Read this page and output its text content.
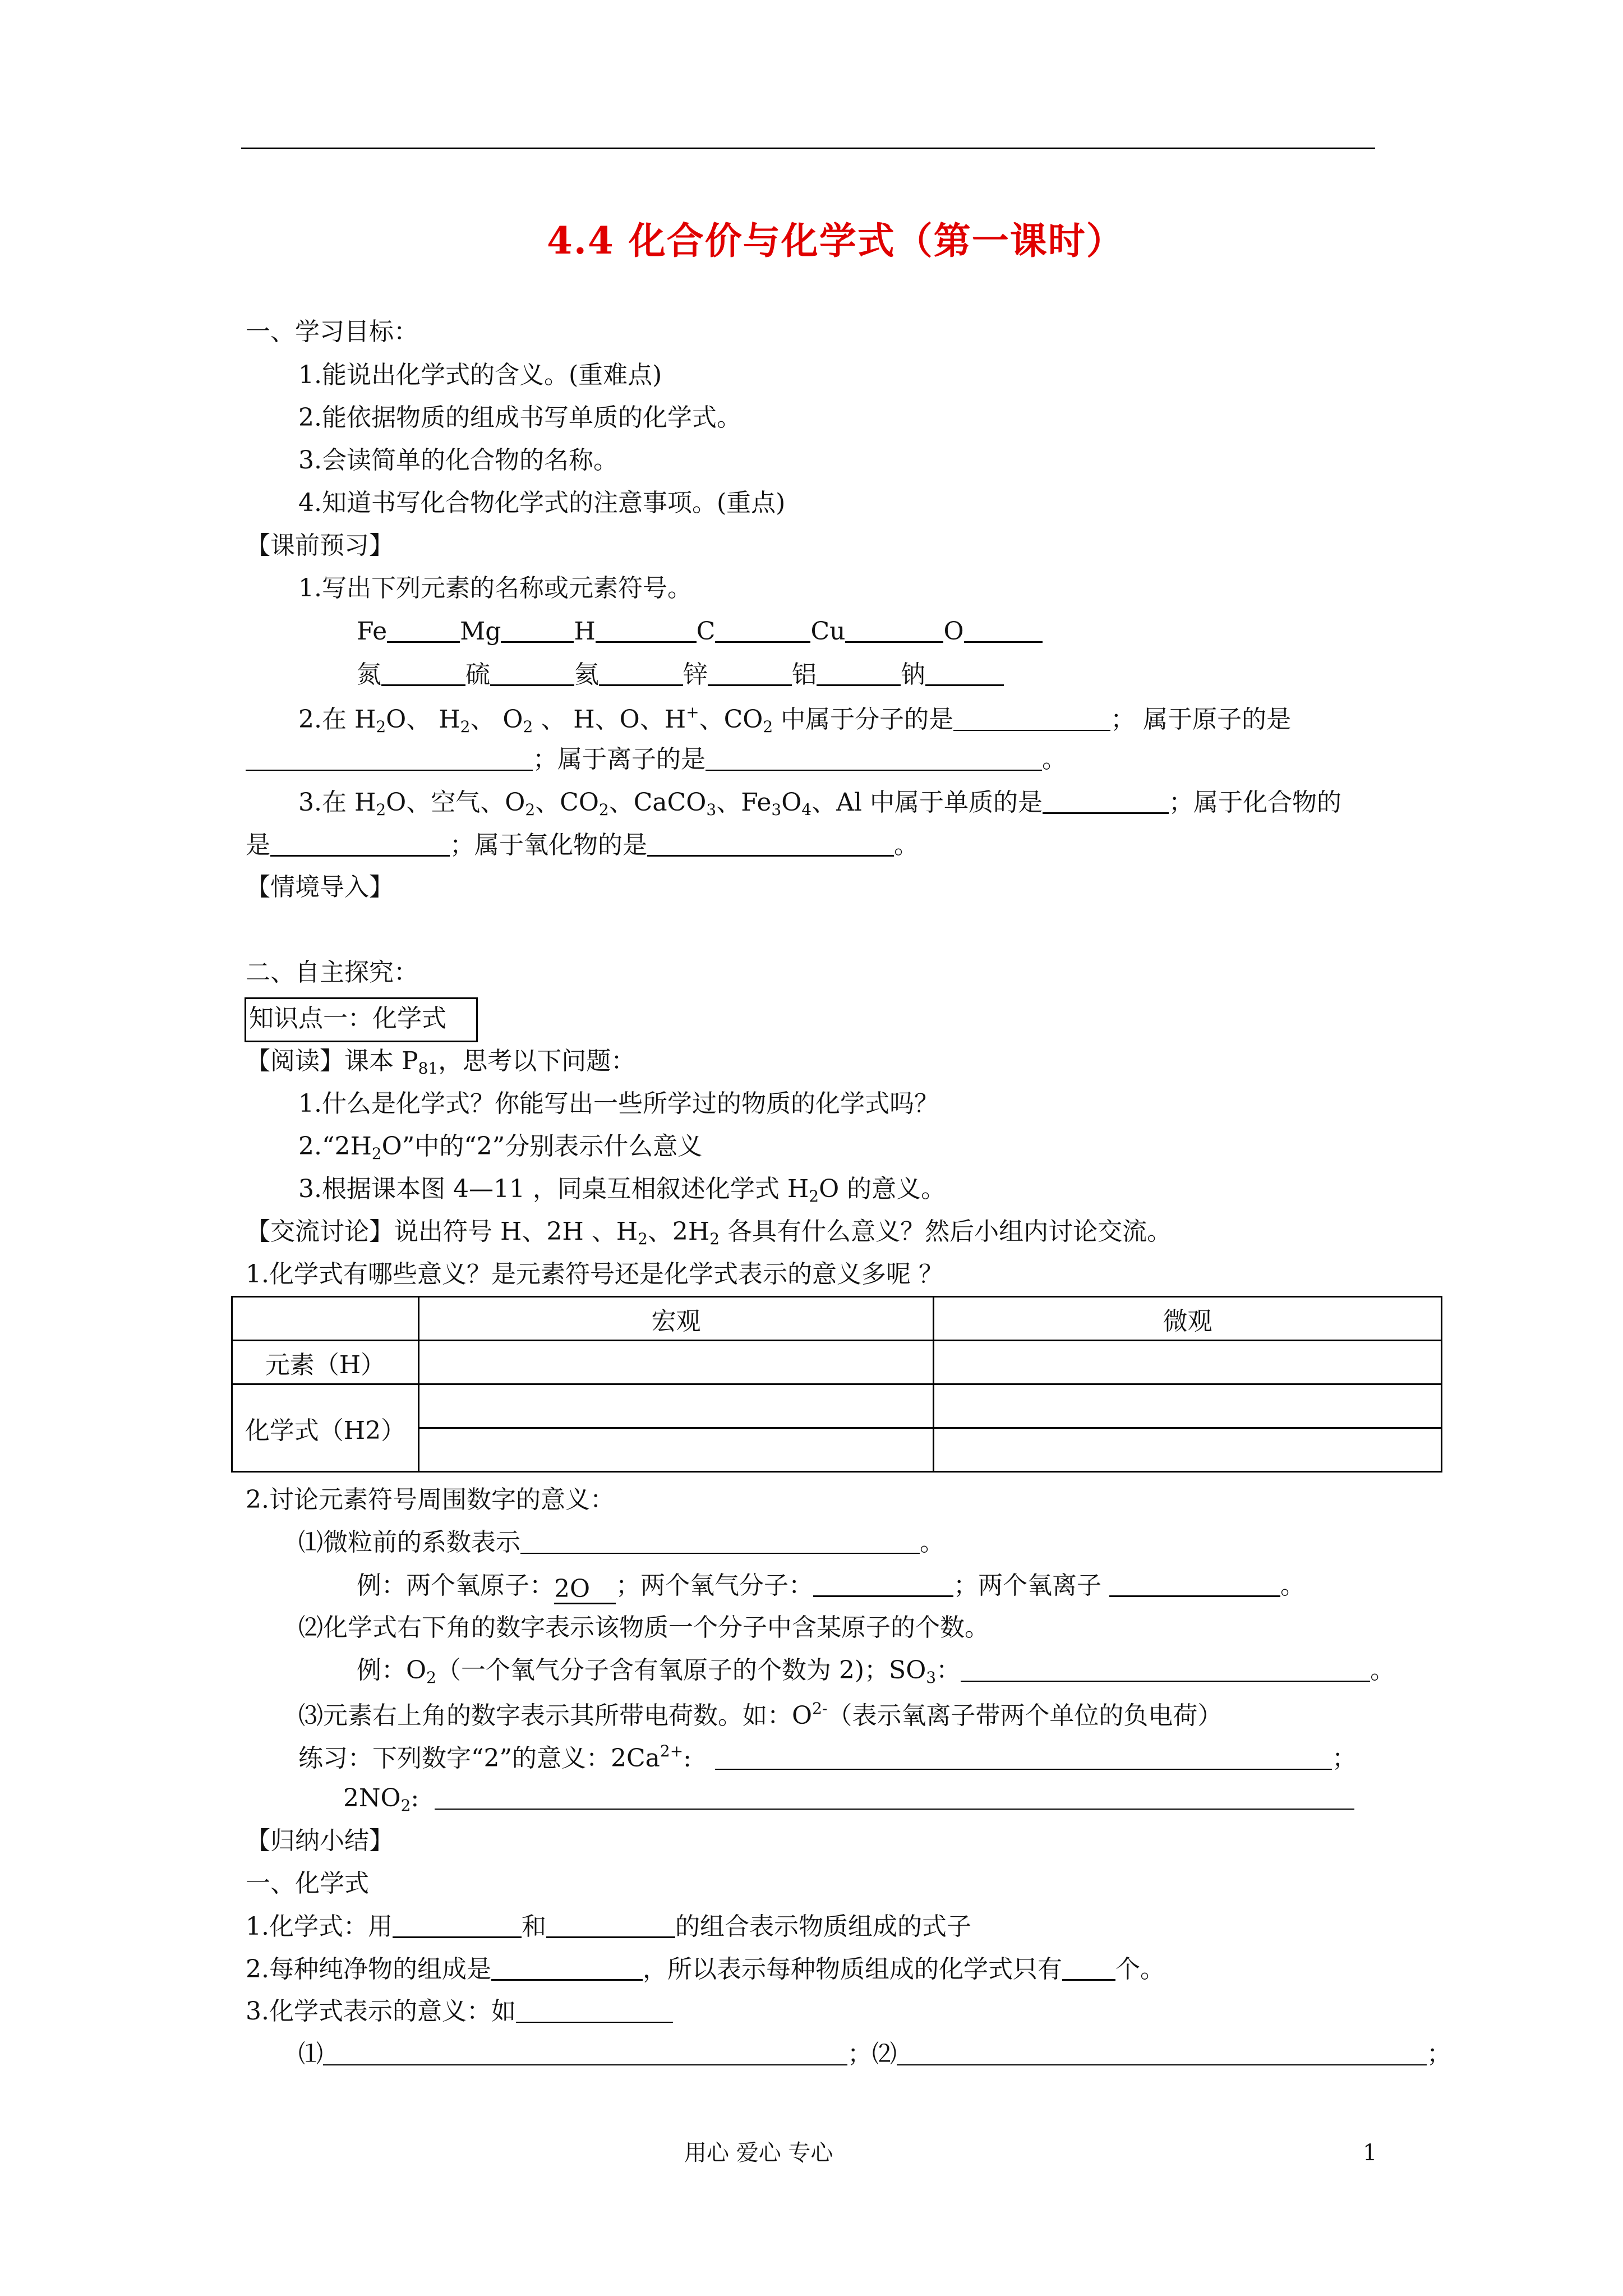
4.4 化合价与化学式（第一课时）
一、学习目标：
1.能说出化学式的含义。(重难点)
2.能依据物质的组成书写单质的化学式。
3.会读简单的化合物的名称。
4.知道书写化合物化学式的注意事项。(重点)
【课前预习】
1.写出下列元素的名称或元素符号。
Fe	Mg	H	C	Cu	O
氮	硫	氦	锌	铝	钠
2.在 $H_2O$、 $H_2$、 $O_2$ 、 H、O、H+、$CO_2$ 中属于分子的是	； 属于原子的是
；属于离子的是	。
3.在 $H_2O$、空气、$O_2$、$CO_2$、CaCO$_3$、$Fe_3O_4$、Al 中属于单质的是	；属于化合物的
是	；属于氧化物的是	。
【情境导入】
二、自主探究：
知识点一：化学式
【阅读】课本 $P_{81}$，思考以下问题：
1.什么是化学式？你能写出一些所学过的物质的化学式吗？
$2.“2H_2O$”中的“2”分别表示什么意义
3.根据课本图 4—11 ，同桌互相叙述化学式 $H_2O$ 的意义。
【交流讨论】说出符号 H、2H 、$H_2$、$2H_2$ 各具有什么意义？然后小组内讨论交流。
1.化学式有哪些意义？是元素符号还是化学式表示的意义多呢 ？
	宏观	微观
元素（H）		
化学式（H2）		

2.讨论元素符号周围数字的意义：
⑴微粒前的系数表示	。
例：两个氧原子：2O ；两个氧气分子：	；两个氧离子	。
⑵化学式右下角的数字表示该物质一个分子中含某原子的个数。
例：$O_2$（一个氧气分子含有氧原子的个数为 2)；$SO_3$：	。
⑶元素右上角的数字表示其所带电荷数。如：$O^{2-}$（表示氧离子带两个单位的负电荷）
练习：下列数字“2”的意义：$2Ca^{2+}$:	；
$2NO_2$:
【归纳小结】
一、化学式
1.化学式：用	和	的组合表示物质组成的式子
2.每种纯净物的组成是	，所以表示每种物质组成的化学式只有 个。
3.化学式表示的意义：如
⑴	；⑵	；
用心 爱心 专心	1
